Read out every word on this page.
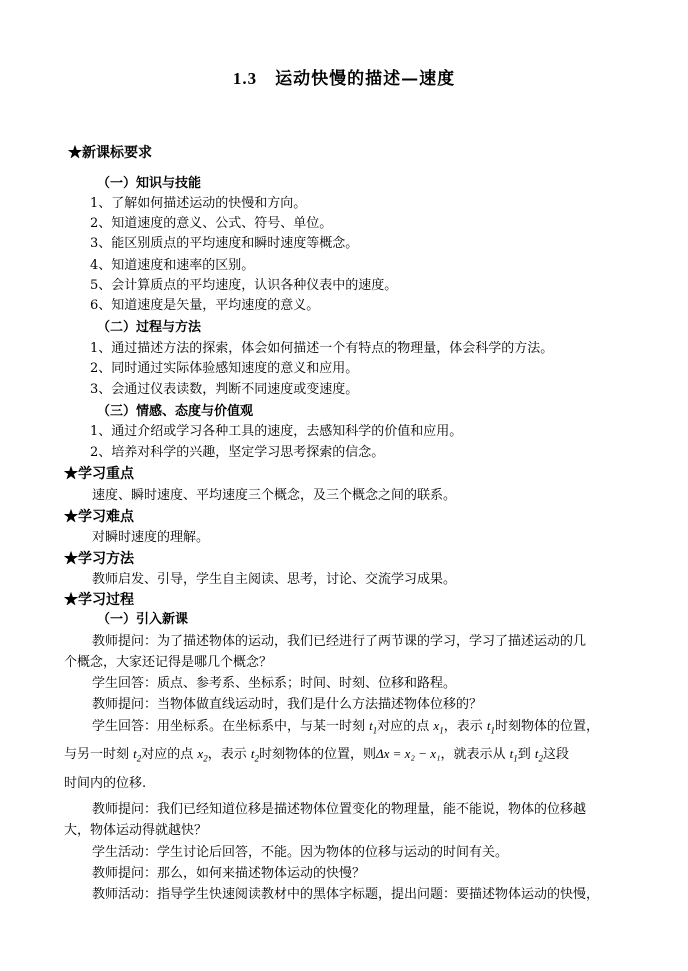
1.3 运动快慢的描述—速度
★新课标要求
（一）知识与技能
1、了解如何描述运动的快慢和方向。
2、知道速度的意义、公式、符号、单位。
3、能区别质点的平均速度和瞬时速度等概念。
4、知道速度和速率的区别。
5、会计算质点的平均速度，认识各种仪表中的速度。
6、知道速度是矢量，平均速度的意义。
（二）过程与方法
1、通过描述方法的探索，体会如何描述一个有特点的物理量，体会科学的方法。
2、同时通过实际体验感知速度的意义和应用。
3、会通过仪表读数，判断不同速度或变速度。
（三）情感、态度与价值观
1、通过介绍或学习各种工具的速度，去感知科学的价值和应用。
2、培养对科学的兴趣，坚定学习思考探索的信念。
★学习重点
速度、瞬时速度、平均速度三个概念，及三个概念之间的联系。
★学习难点
对瞬时速度的理解。
★学习方法
教师启发、引导，学生自主阅读、思考，讨论、交流学习成果。
★学习过程
（一）引入新课
教师提问：为了描述物体的运动，我们已经进行了两节课的学习，学习了描述运动的几
个概念，大家还记得是哪几个概念？
学生回答：质点、参考系、坐标系；时间、时刻、位移和路程。
教师提问：当物体做直线运动时，我们是什么方法描述物体位移的？
学生回答：用坐标系。在坐标系中，与某一时刻 $t_1$对应的点 $x_1$，表示 $t_1$时刻物体的位置，
与另一时刻 $t_2$对应的点 $x_2$，表示 $t_2$时刻物体的位置，则Δx = x₂ − x₁，就表示从 $t_1$到 $t_2$这段
时间内的位移.
教师提问：我们已经知道位移是描述物体位置变化的物理量，能不能说，物体的位移越
大，物体运动得就越快？
学生活动：学生讨论后回答，不能。因为物体的位移与运动的时间有关。
教师提问：那么，如何来描述物体运动的快慢？
教师活动：指导学生快速阅读教材中的黑体字标题，提出问题：要描述物体运动的快慢，
